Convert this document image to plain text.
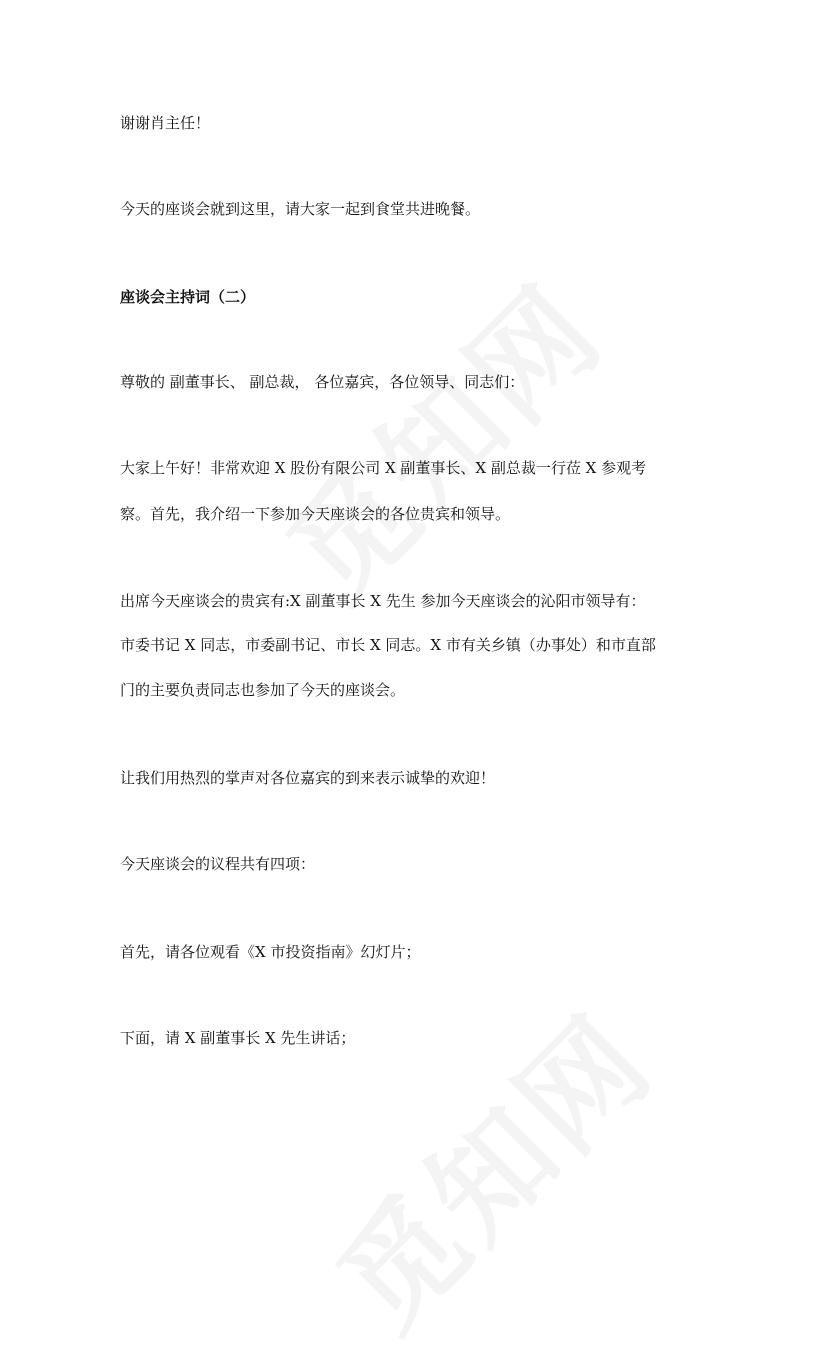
谢谢肖主任！
今天的座谈会就到这里，请大家一起到食堂共进晚餐。
座谈会主持词（二）
尊敬的 副董事长、 副总裁， 各位嘉宾，各位领导、同志们：
大家上午好！非常欢迎 X 股份有限公司 X 副董事长、X 副总裁一行莅 X 参观考
察。首先，我介绍一下参加今天座谈会的各位贵宾和领导。
出席今天座谈会的贵宾有:X 副董事长 X 先生 参加今天座谈会的沁阳市领导有：
市委书记 X 同志，市委副书记、市长 X 同志。X 市有关乡镇（办事处）和市直部
门的主要负责同志也参加了今天的座谈会。
让我们用热烈的掌声对各位嘉宾的到来表示诚挚的欢迎！
今天座谈会的议程共有四项：
首先，请各位观看《X 市投资指南》幻灯片；
下面，请 X 副董事长 X 先生讲话；
